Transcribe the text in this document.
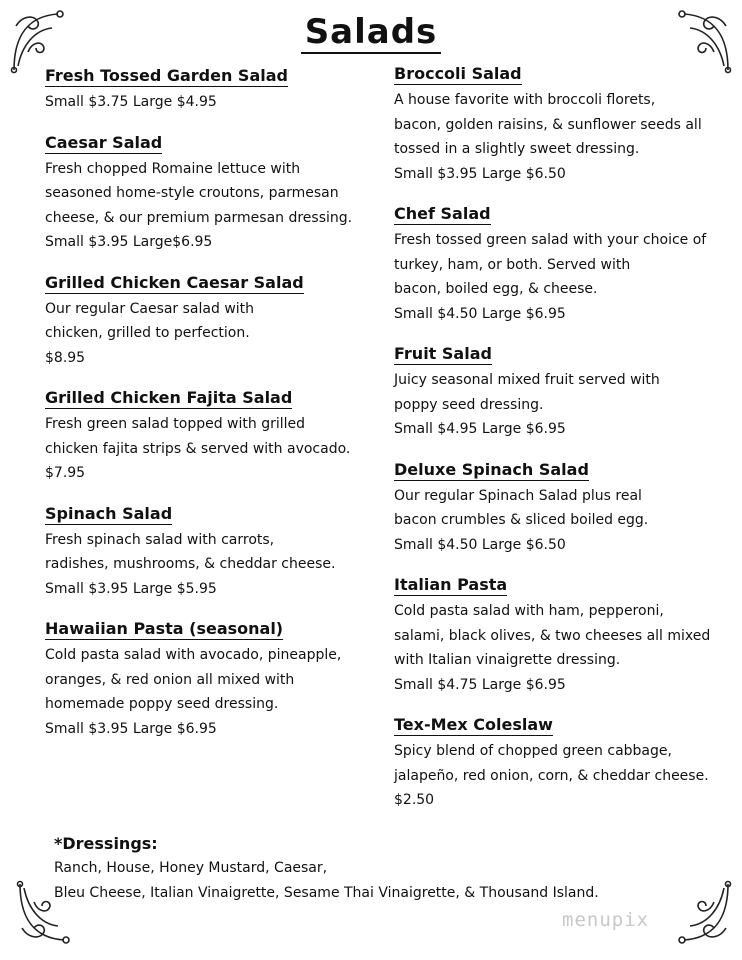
Salads
Fresh Tossed Garden Salad
Small $3.75 Large $4.95
Caesar Salad
Fresh chopped Romaine lettuce with
seasoned home-style croutons, parmesan
cheese, & our premium parmesan dressing.
Small $3.95 Large$6.95
Grilled Chicken Caesar Salad
Our regular Caesar salad with
chicken, grilled to perfection.
$8.95
Grilled Chicken Fajita Salad
Fresh green salad topped with grilled
chicken fajita strips & served with avocado.
$7.95
Spinach Salad
Fresh spinach salad with carrots,
radishes, mushrooms, & cheddar cheese.
Small $3.95 Large $5.95
Hawaiian Pasta (seasonal)
Cold pasta salad with avocado, pineapple,
oranges, & red onion all mixed with
homemade poppy seed dressing.
Small $3.95 Large $6.95
Broccoli Salad
A house favorite with broccoli florets,
bacon, golden raisins, & sunflower seeds all
tossed in a slightly sweet dressing.
Small $3.95 Large $6.50
Chef Salad
Fresh tossed green salad with your choice of
turkey, ham, or both. Served with
bacon, boiled egg, & cheese.
Small $4.50 Large $6.95
Fruit Salad
Juicy seasonal mixed fruit served with
poppy seed dressing.
Small $4.95 Large $6.95
Deluxe Spinach Salad
Our regular Spinach Salad plus real
bacon crumbles & sliced boiled egg.
Small $4.50 Large $6.50
Italian Pasta
Cold pasta salad with ham, pepperoni,
salami, black olives, & two cheeses all mixed
with Italian vinaigrette dressing.
Small $4.75 Large $6.95
Tex-Mex Coleslaw
Spicy blend of chopped green cabbage,
jalapeño, red onion, corn, & cheddar cheese.
$2.50
*Dressings:
Ranch, House, Honey Mustard, Caesar,
Bleu Cheese, Italian Vinaigrette, Sesame Thai Vinaigrette, & Thousand Island.
menupix
